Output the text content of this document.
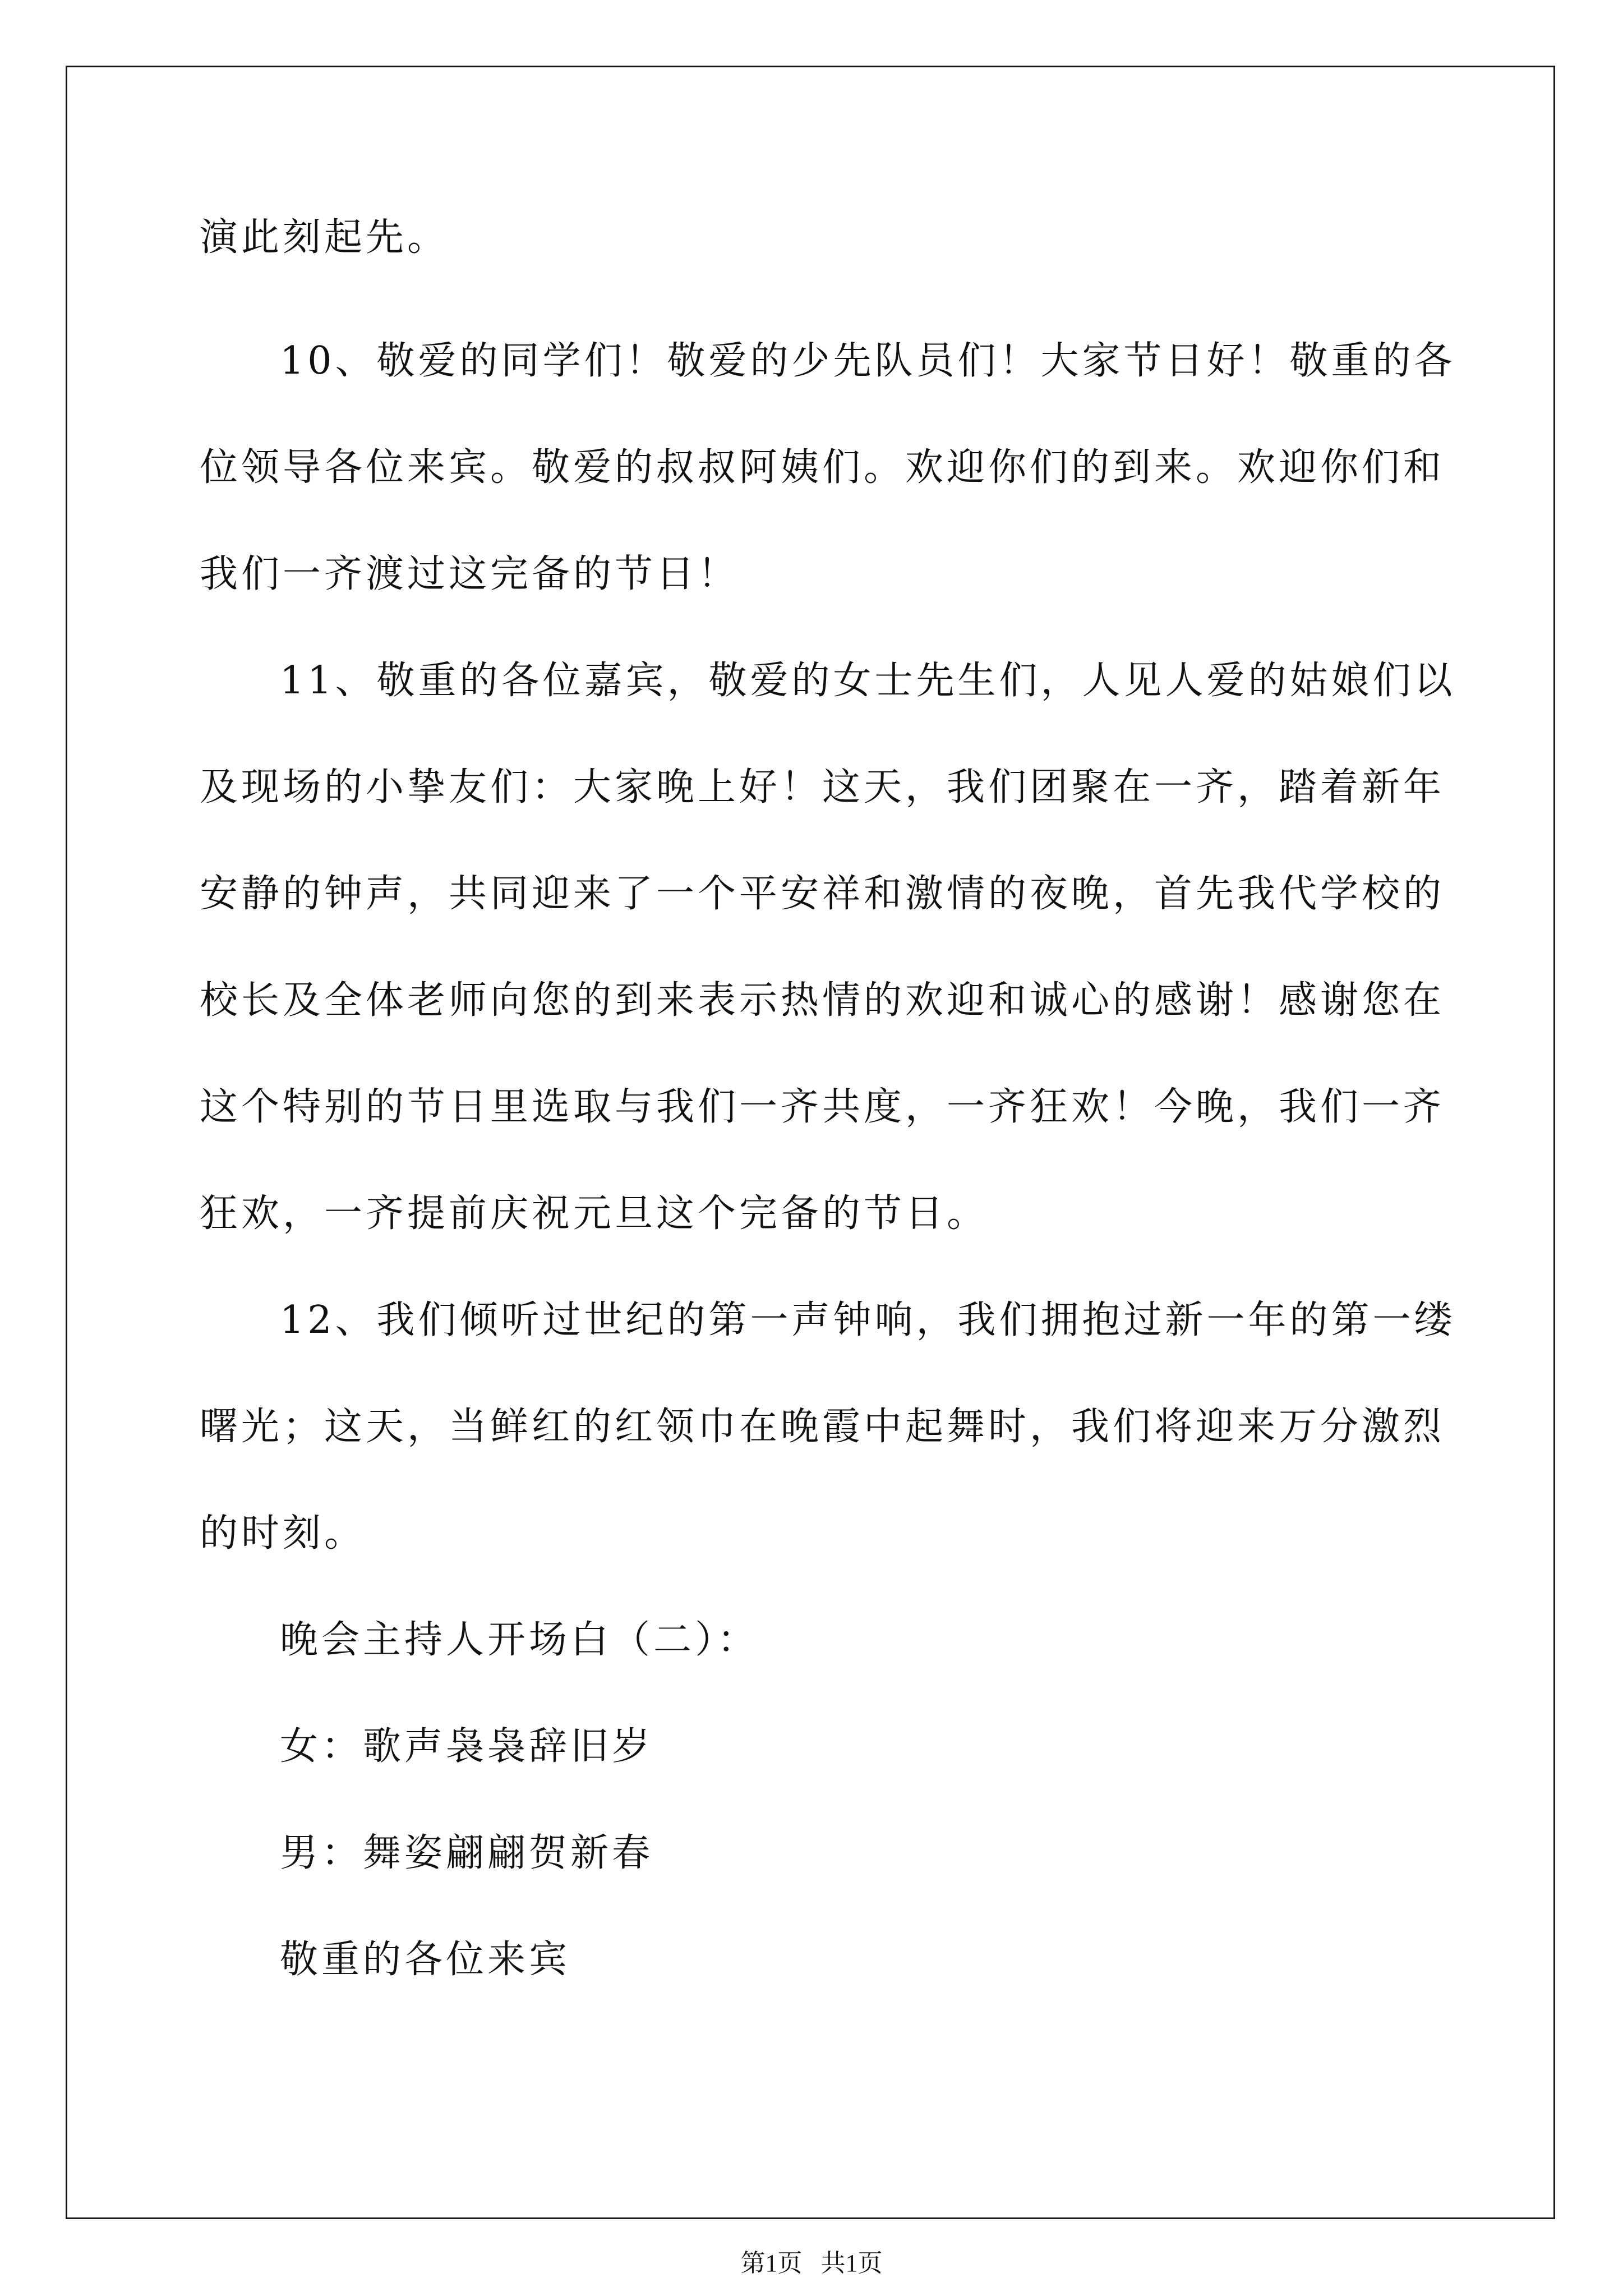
演此刻起先。
10、敬爱的同学们！敬爱的少先队员们！大家节日好！敬重的各
位领导各位来宾。敬爱的叔叔阿姨们。欢迎你们的到来。欢迎你们和
我们一齐渡过这完备的节日！
11、敬重的各位嘉宾，敬爱的女士先生们，人见人爱的姑娘们以
及现场的小挚友们：大家晚上好！这天，我们团聚在一齐，踏着新年
安静的钟声，共同迎来了一个平安祥和激情的夜晚，首先我代学校的
校长及全体老师向您的到来表示热情的欢迎和诚心的感谢！感谢您在
这个特别的节日里选取与我们一齐共度，一齐狂欢！今晚，我们一齐
狂欢，一齐提前庆祝元旦这个完备的节日。
12、我们倾听过世纪的第一声钟响，我们拥抱过新一年的第一缕
曙光；这天，当鲜红的红领巾在晚霞中起舞时，我们将迎来万分激烈
的时刻。
晚会主持人开场白（二）：
女：歌声袅袅辞旧岁
男：舞姿翩翩贺新春
敬重的各位来宾
第1页   共1页
